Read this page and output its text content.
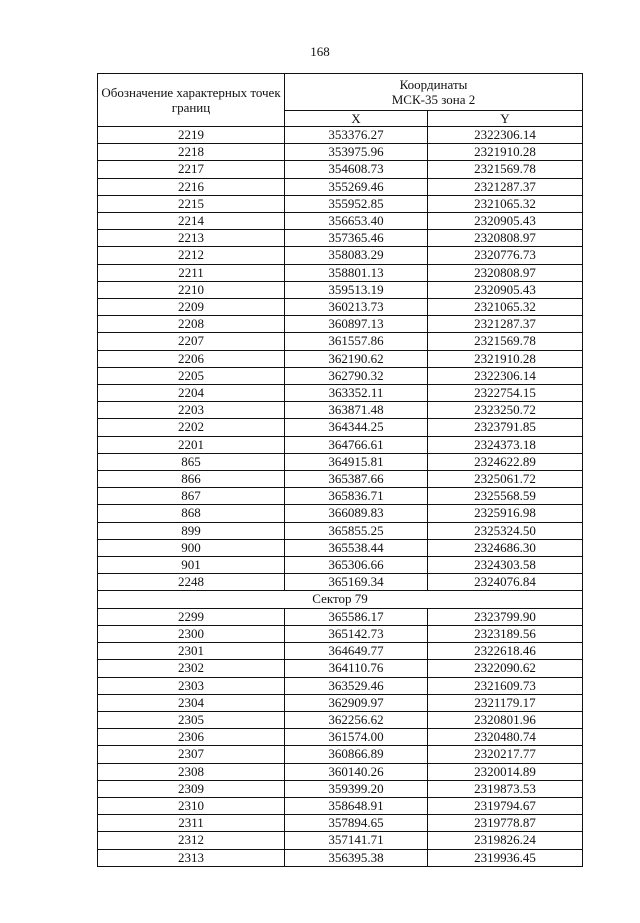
168
Обозначение характерных точек границ	Координаты
МСК-35 зона 2	
	X	Y
2219	353376.27	2322306.14
2218	353975.96	2321910.28
2217	354608.73	2321569.78
2216	355269.46	2321287.37
2215	355952.85	2321065.32
2214	356653.40	2320905.43
2213	357365.46	2320808.97
2212	358083.29	2320776.73
2211	358801.13	2320808.97
2210	359513.19	2320905.43
2209	360213.73	2321065.32
2208	360897.13	2321287.37
2207	361557.86	2321569.78
2206	362190.62	2321910.28
2205	362790.32	2322306.14
2204	363352.11	2322754.15
2203	363871.48	2323250.72
2202	364344.25	2323791.85
2201	364766.61	2324373.18
865	364915.81	2324622.89
866	365387.66	2325061.72
867	365836.71	2325568.59
868	366089.83	2325916.98
899	365855.25	2325324.50
900	365538.44	2324686.30
901	365306.66	2324303.58
2248	365169.34	2324076.84
Сектор 79		
2299	365586.17	2323799.90
2300	365142.73	2323189.56
2301	364649.77	2322618.46
2302	364110.76	2322090.62
2303	363529.46	2321609.73
2304	362909.97	2321179.17
2305	362256.62	2320801.96
2306	361574.00	2320480.74
2307	360866.89	2320217.77
2308	360140.26	2320014.89
2309	359399.20	2319873.53
2310	358648.91	2319794.67
2311	357894.65	2319778.87
2312	357141.71	2319826.24
2313	356395.38	2319936.45
